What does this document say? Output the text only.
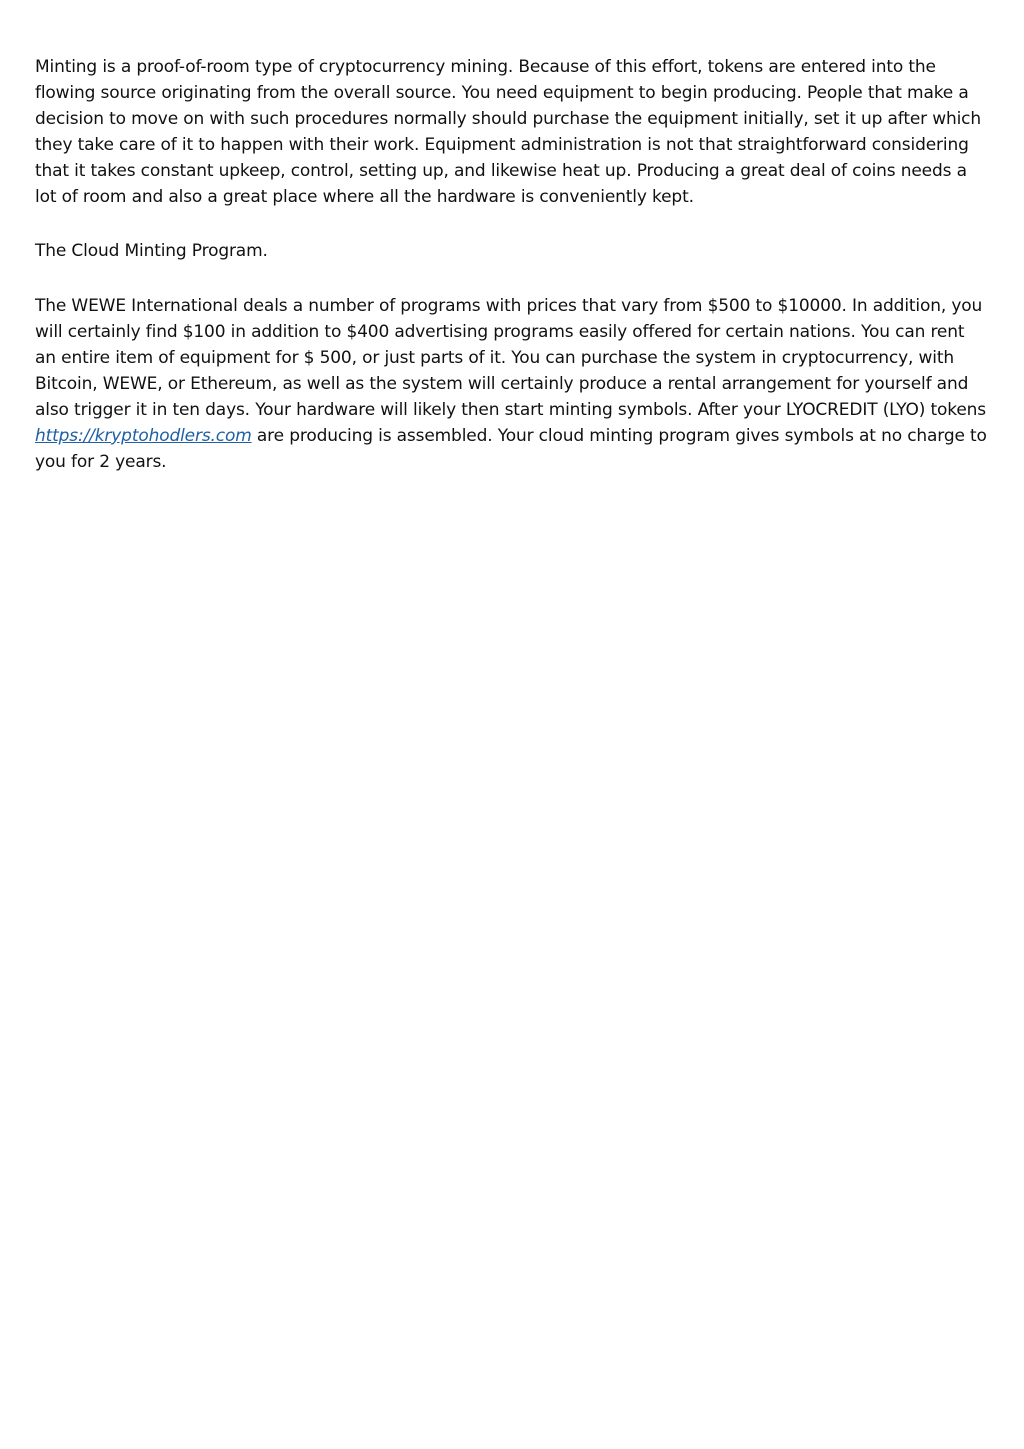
Minting is a proof-of-room type of cryptocurrency mining. Because of this effort, tokens are entered into the flowing source originating from the overall source. You need equipment to begin producing. People that make a decision to move on with such procedures normally should purchase the equipment initially, set it up after which they take care of it to happen with their work. Equipment administration is not that straightforward considering that it takes constant upkeep, control, setting up, and likewise heat up. Producing a great deal of coins needs a lot of room and also a great place where all the hardware is conveniently kept.

The Cloud Minting Program.

The WEWE International deals a number of programs with prices that vary from $500 to $10000. In addition, you will certainly find $100 in addition to $400 advertising programs easily offered for certain nations. You can rent an entire item of equipment for $ 500, or just parts of it. You can purchase the system in cryptocurrency, with Bitcoin, WEWE, or Ethereum, as well as the system will certainly produce a rental arrangement for yourself and also trigger it in ten days. Your hardware will likely then start minting symbols. After your LYOCREDIT (LYO) tokens https://kryptohodlers.com are producing is assembled. Your cloud minting program gives symbols at no charge to you for 2 years.
